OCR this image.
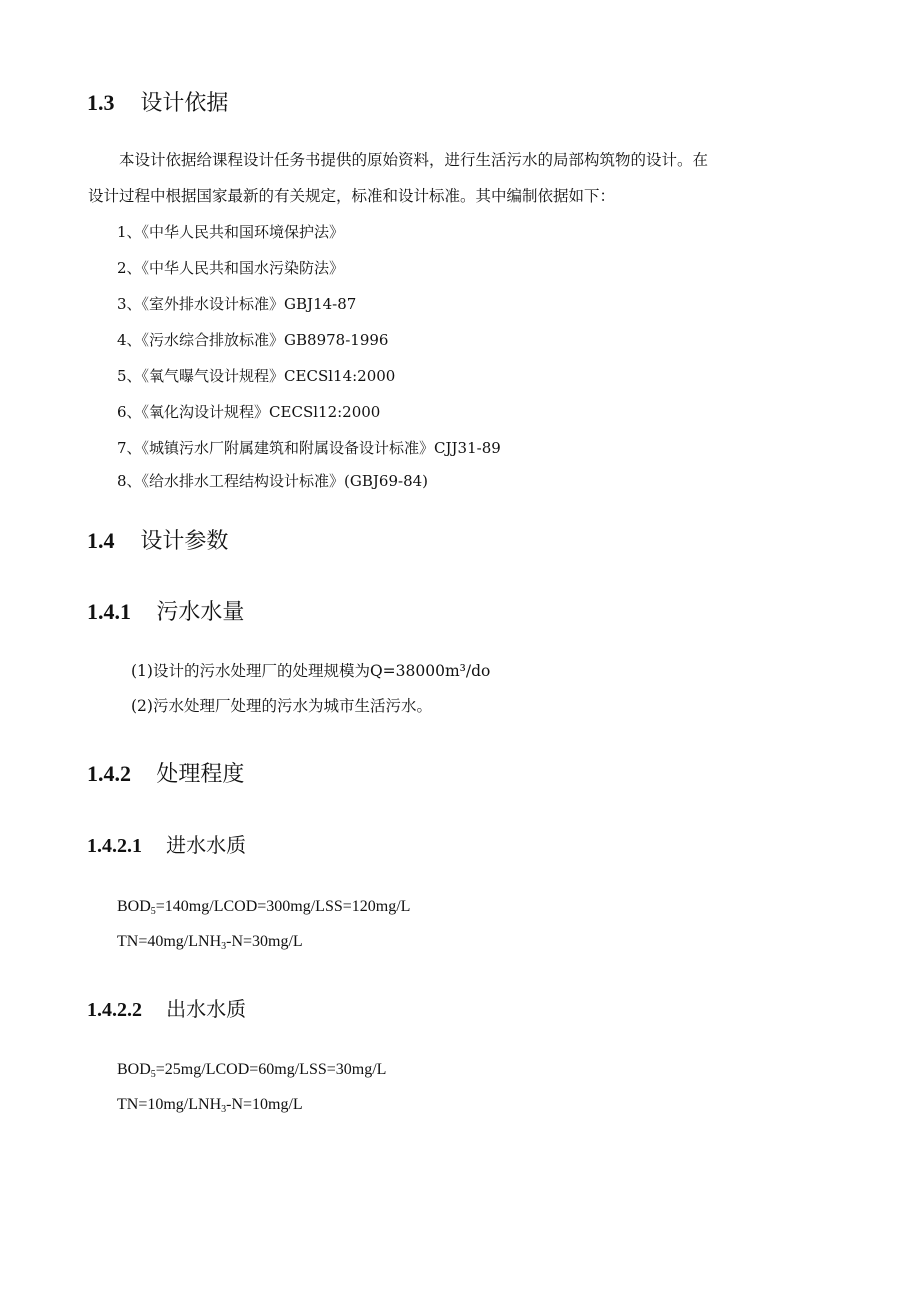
1.3 设计依据
本设计依据给课程设计任务书提供的原始资料，进行生活污水的局部构筑物的设计。在
设计过程中根据国家最新的有关规定，标准和设计标准。其中编制依据如下：
1、《中华人民共和国环境保护法》
2、《中华人民共和国水污染防法》
3、《室外排水设计标准》GBJ14-87
4、《污水综合排放标准》GB8978-1996
5、《氧气曝气设计规程》CECSl14:2000
6、《氧化沟设计规程》CECSl12:2000
7、《城镇污水厂附属建筑和附属设备设计标准》CJJ31-89
8、《给水排水工程结构设计标准》(GBJ69-84)
1.4 设计参数
1.4.1 污水水量
(1)设计的污水处理厂的处理规模为Q=38000m³/do
(2)污水处理厂处理的污水为城市生活污水。
1.4.2 处理程度
1.4.2.1 进水水质
$BOD_5=140mg/LCOD=300mg/LSS=120mg/L$
$TN=40mg/LNH_3-N=30mg/L$
1.4.2.2 出水水质
$BOD_5=25mg/LCOD=60mg/LSS=30mg/L$
$TN=10mg/LNH_3-N=10mg/L$
